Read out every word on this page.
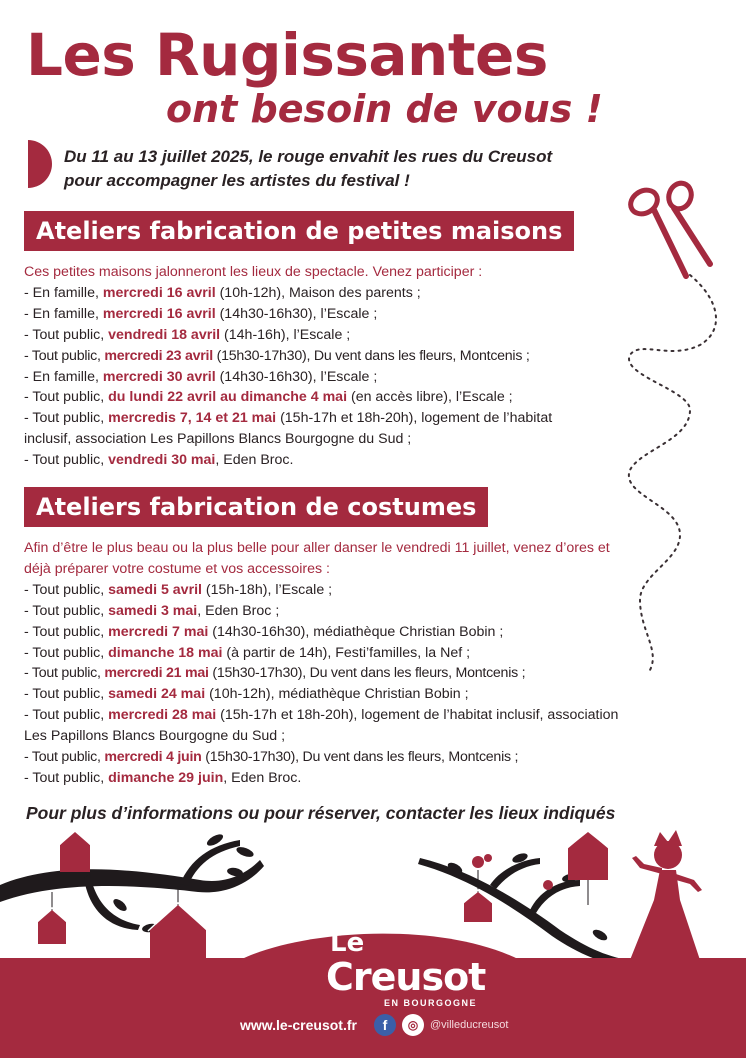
Les Rugissantes
ont besoin de vous !

Du 11 au 13 juillet 2025, le rouge envahit les rues du Creusot
pour accompagner les artistes du festival !

Ateliers fabrication de petites maisons
Ces petites maisons jalonneront les lieux de spectacle. Venez participer :
- En famille, mercredi 16 avril (10h-12h), Maison des parents ;
- En famille, mercredi 16 avril (14h30-16h30), l’Escale ;
- Tout public, vendredi 18 avril (14h-16h), l’Escale ;
- Tout public, mercredi 23 avril (15h30-17h30), Du vent dans les fleurs, Montcenis ;
- En famille, mercredi 30 avril (14h30-16h30), l’Escale ;
- Tout public, du lundi 22 avril au dimanche 4 mai (en accès libre), l’Escale ;
- Tout public, mercredis 7, 14 et 21 mai (15h-17h et 18h-20h), logement de l’habitat inclusif, association Les Papillons Blancs Bourgogne du Sud ;
- Tout public, vendredi 30 mai, Eden Broc.
Ateliers fabrication de costumes
Afin d’être le plus beau ou la plus belle pour aller danser le vendredi 11 juillet, venez d’ores et déjà préparer votre costume et vos accessoires :
- Tout public, samedi 5 avril (15h-18h), l’Escale ;
- Tout public, samedi 3 mai, Eden Broc ;
- Tout public, mercredi 7 mai (14h30-16h30), médiathèque Christian Bobin ;
- Tout public, dimanche 18 mai (à partir de 14h), Festi’familles, la Nef ;
- Tout public, mercredi 21 mai (15h30-17h30), Du vent dans les fleurs, Montcenis ;
- Tout public, samedi 24 mai (10h-12h), médiathèque Christian Bobin ;
- Tout public, mercredi 28 mai (15h-17h et 18h-20h), logement de l’habitat inclusif, association Les Papillons Blancs Bourgogne du Sud ;
- Tout public, mercredi 4 juin (15h30-17h30), Du vent dans les fleurs, Montcenis ;
- Tout public, dimanche 29 juin, Eden Broc.

Pour plus d’informations ou pour réserver, contacter les lieux indiqués

Le
Creusot
EN BOURGOGNE
www.le-creusot.fr	f	◎	@villeducreusot
